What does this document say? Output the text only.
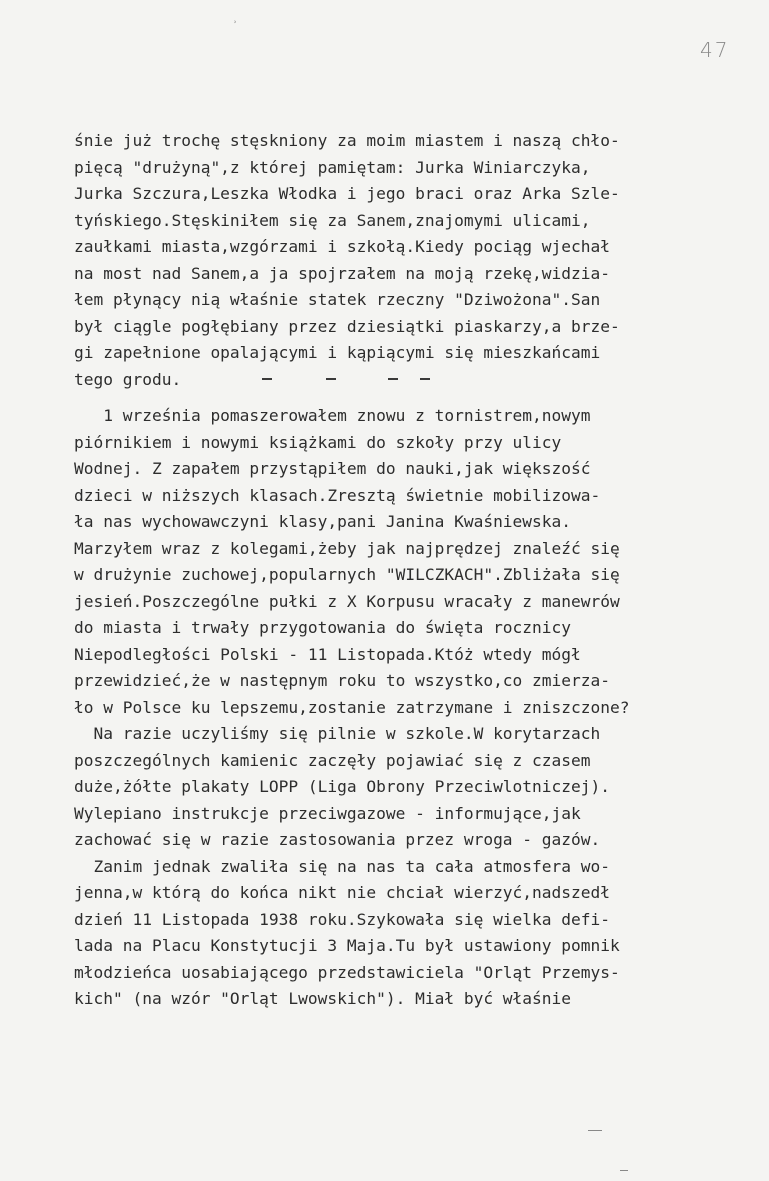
ʾ
47
śnie już trochę stęskniony za moim miastem i naszą chło-
pięcą "drużyną",z której pamiętam: Jurka Winiarczyka,
Jurka Szczura,Leszka Włodka i jego braci oraz Arka Szle-
tyńskiego.Stęskiniłem się za Sanem,znajomymi ulicami,
zaułkami miasta,wzgórzami i szkołą.Kiedy pociąg wjechał
na most nad Sanem,a ja spojrzałem na moją rzekę,widzia-
łem płynący nią właśnie statek rzeczny "Dziwożona".San
był ciągle pogłębiany przez dziesiątki piaskarzy,a brze-
gi zapełnione opalającymi i kąpiącymi się mieszkańcami
tego grodu.
1 września pomaszerowałem znowu z tornistrem,nowym
piórnikiem i nowymi książkami do szkoły przy ulicy
Wodnej. Z zapałem przystąpiłem do nauki,jak większość
dzieci w niższych klasach.Zresztą świetnie mobilizowa-
ła nas wychowawczyni klasy,pani Janina Kwaśniewska.
Marzyłem wraz z kolegami,żeby jak najprędzej znaleźć się
w drużynie zuchowej,popularnych "WILCZKACH".Zbliżała się
jesień.Poszczególne pułki z X Korpusu wracały z manewrów
do miasta i trwały przygotowania do święta rocznicy
Niepodległości Polski - 11 Listopada.Któż wtedy mógł
przewidzieć,że w następnym roku to wszystko,co zmierza-
ło w Polsce ku lepszemu,zostanie zatrzymane i zniszczone?
Na razie uczyliśmy się pilnie w szkole.W korytarzach
poszczególnych kamienic zaczęły pojawiać się z czasem
duże,żółte plakaty LOPP (Liga Obrony Przeciwlotniczej).
Wylepiano instrukcje przeciwgazowe - informujące,jak
zachować się w razie zastosowania przez wroga - gazów.
Zanim jednak zwaliła się na nas ta cała atmosfera wo-
jenna,w którą do końca nikt nie chciał wierzyć,nadszedł
dzień 11 Listopada 1938 roku.Szykowała się wielka defi-
lada na Placu Konstytucji 3 Maja.Tu był ustawiony pomnik
młodzieńca uosabiającego przedstawiciela "Orląt Przemys-
kich" (na wzór "Orląt Lwowskich"). Miał być właśnie
